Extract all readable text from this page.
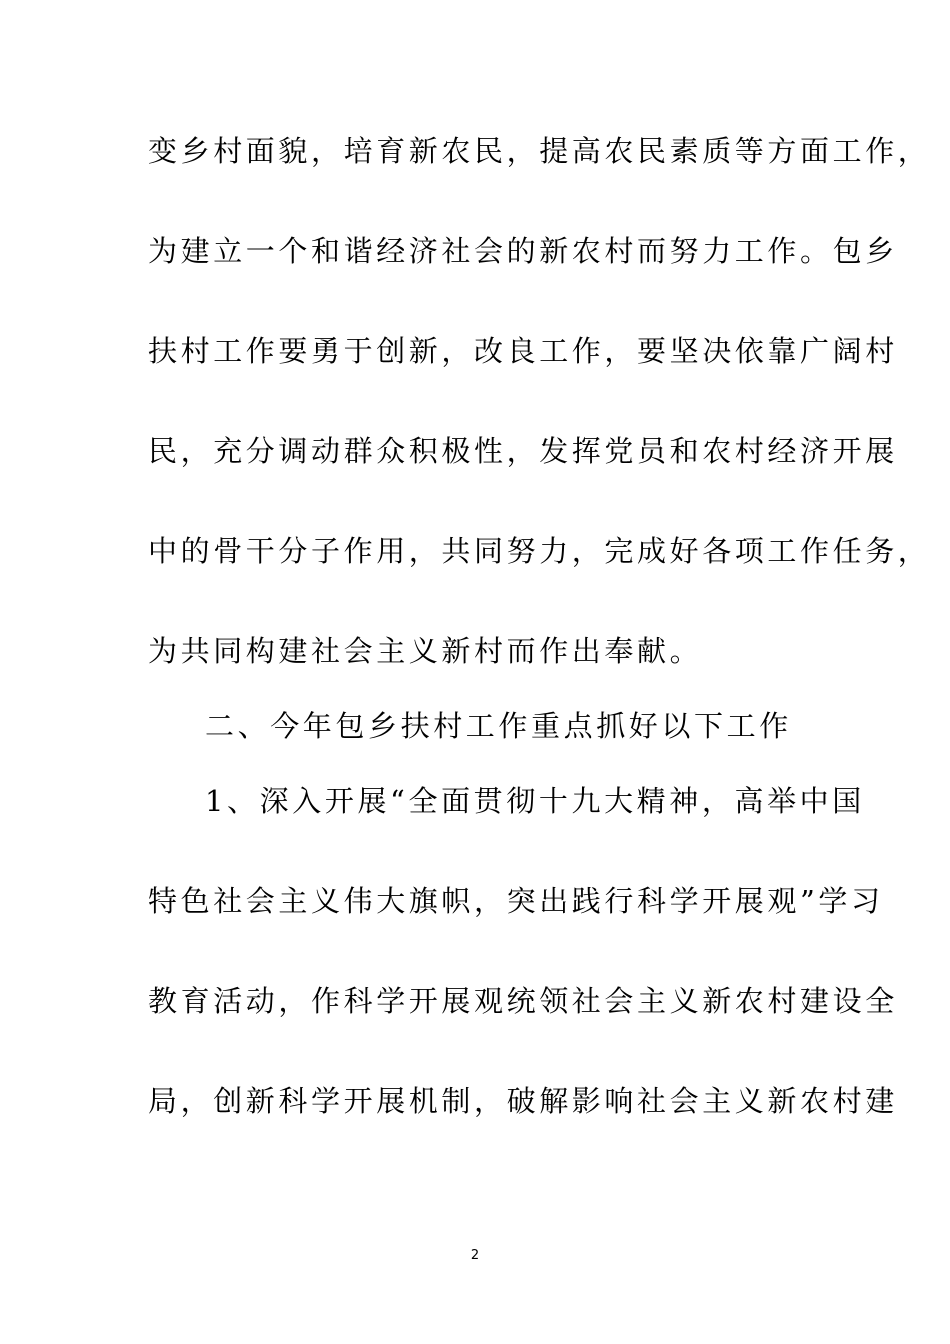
变乡村面貌，培育新农民，提高农民素质等方面工作，
为建立一个和谐经济社会的新农村而努力工作。包乡
扶村工作要勇于创新，改良工作，要坚决依靠广阔村
民，充分调动群众积极性，发挥党员和农村经济开展
中的骨干分子作用，共同努力，完成好各项工作任务，
为共同构建社会主义新村而作出奉献。
二、今年包乡扶村工作重点抓好以下工作
1、深入开展“全面贯彻十九大精神，高举中国
特色社会主义伟大旗帜，突出践行科学开展观”学习
教育活动，作科学开展观统领社会主义新农村建设全
局，创新科学开展机制，破解影响社会主义新农村建
2
